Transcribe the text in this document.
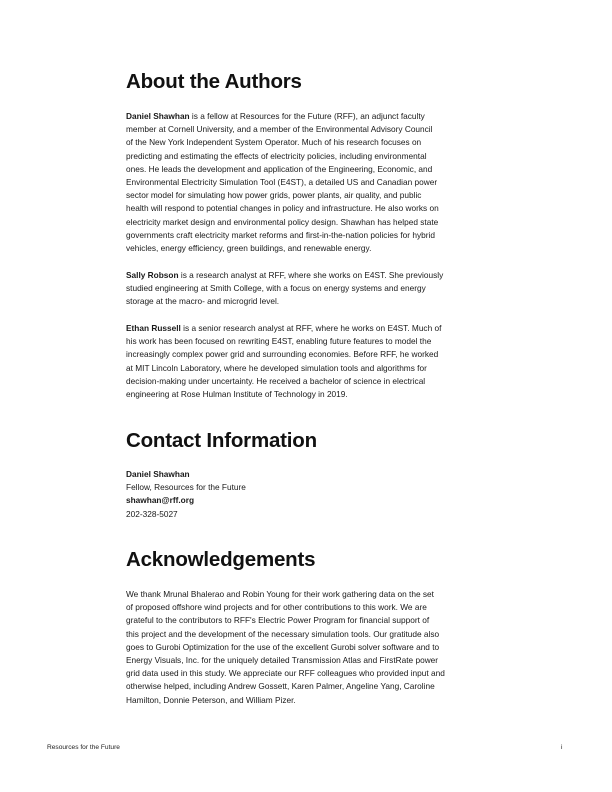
About the Authors

Daniel Shawhan is a fellow at Resources for the Future (RFF), an adjunct faculty
member at Cornell University, and a member of the Environmental Advisory Council
of the New York Independent System Operator. Much of his research focuses on
predicting and estimating the effects of electricity policies, including environmental
ones. He leads the development and application of the Engineering, Economic, and
Environmental Electricity Simulation Tool (E4ST), a detailed US and Canadian power
sector model for simulating how power grids, power plants, air quality, and public
health will respond to potential changes in policy and infrastructure. He also works on
electricity market design and environmental policy design. Shawhan has helped state
governments craft electricity market reforms and first-in-the-nation policies for hybrid
vehicles, energy efficiency, green buildings, and renewable energy.

Sally Robson is a research analyst at RFF, where she works on E4ST. She previously
studied engineering at Smith College, with a focus on energy systems and energy
storage at the macro- and microgrid level.

Ethan Russell is a senior research analyst at RFF, where he works on E4ST. Much of
his work has been focused on rewriting E4ST, enabling future features to model the
increasingly complex power grid and surrounding economies. Before RFF, he worked
at MIT Lincoln Laboratory, where he developed simulation tools and algorithms for
decision-making under uncertainty. He received a bachelor of science in electrical
engineering at Rose Hulman Institute of Technology in 2019.

Contact Information
Daniel Shawhan
Fellow, Resources for the Future
shawhan@rff.org
202-328-5027
Acknowledgements

We thank Mrunal Bhalerao and Robin Young for their work gathering data on the set
of proposed offshore wind projects and for other contributions to this work. We are
grateful to the contributors to RFF's Electric Power Program for financial support of
this project and the development of the necessary simulation tools. Our gratitude also
goes to Gurobi Optimization for the use of the excellent Gurobi solver software and to
Energy Visuals, Inc. for the uniquely detailed Transmission Atlas and FirstRate power
grid data used in this study. We appreciate our RFF colleagues who provided input and
otherwise helped, including Andrew Gossett, Karen Palmer, Angeline Yang, Caroline
Hamilton, Donnie Peterson, and William Pizer.

Resources for the Future	i
